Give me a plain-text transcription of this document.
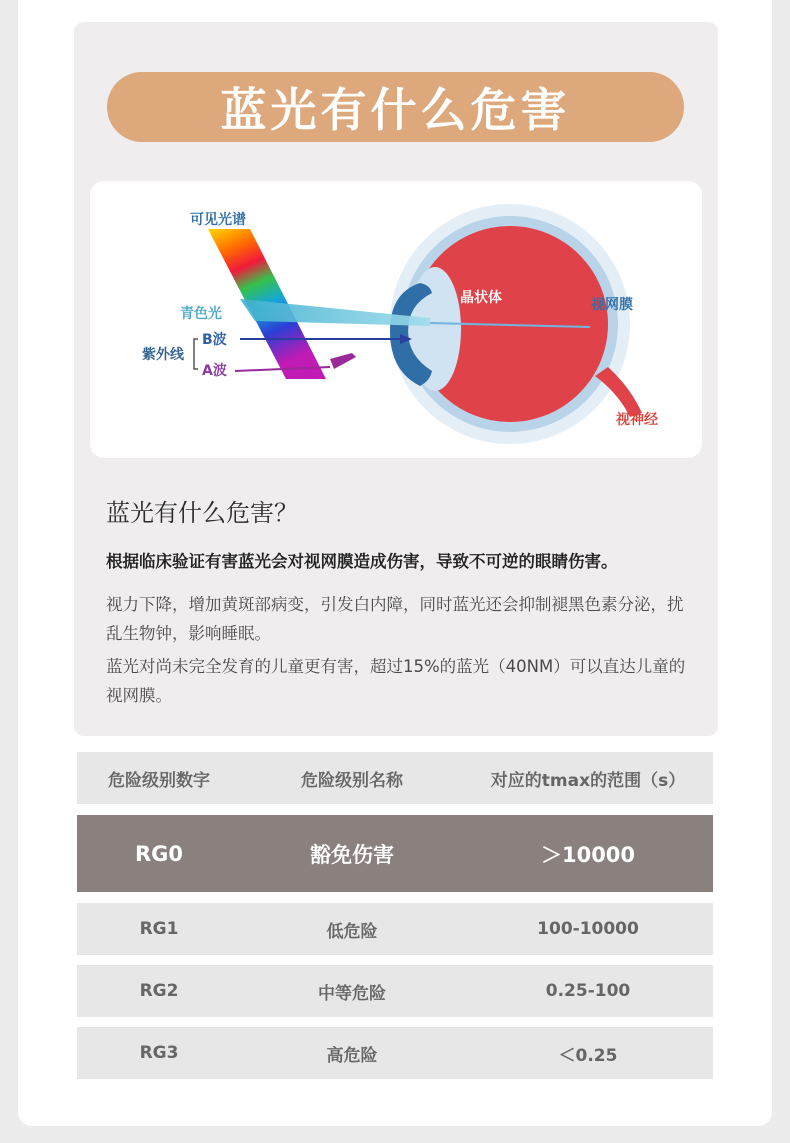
蓝光有什么危害
可见光谱
青色光
紫外线
B波
A波
晶状体	视网膜
视神经
蓝光有什么危害？
根据临床验证有害蓝光会对视网膜造成伤害，导致不可逆的眼睛伤害。
视力下降，增加黄斑部病变，引发白内障，同时蓝光还会抑制褪黑色素分泌，扰乱生物钟，影响睡眠。
蓝光对尚未完全发育的儿童更有害，超过15%的蓝光（40NM）可以直达儿童的视网膜。
危险级别数字	危险级别名称	对应的tmax的范围（s）
RG0	豁免伤害	＞10000
RG1	低危险	100-10000
RG2	中等危险	0.25-100
RG3	高危险	＜0.25
